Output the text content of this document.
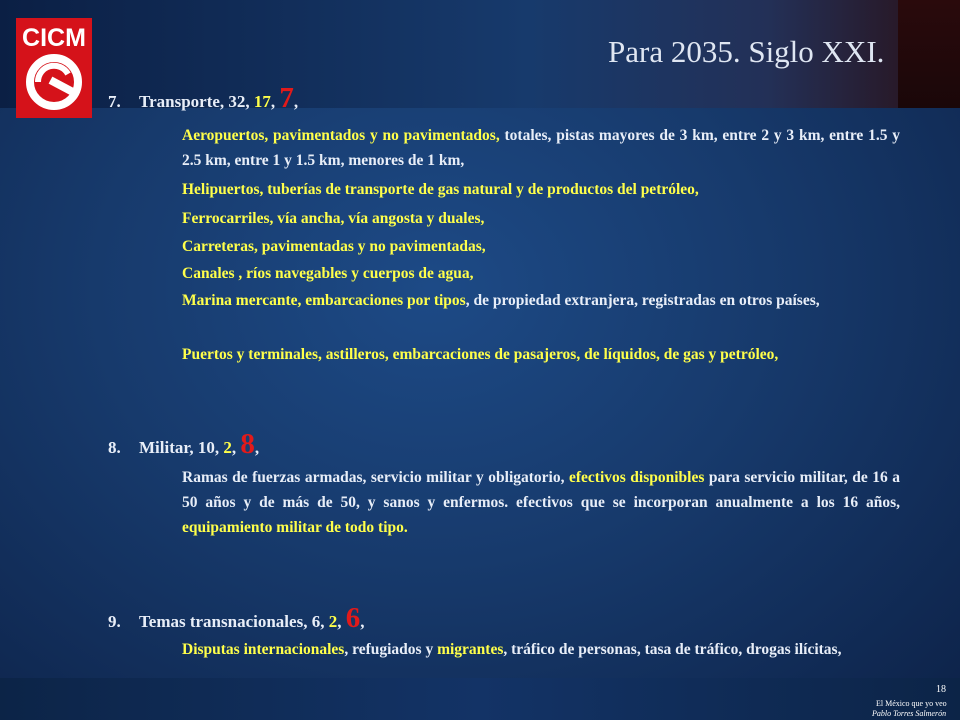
CICM	Para 2035. Siglo XXI.
7. Transporte, 32, 17, 7,
Aeropuertos, pavimentados y no pavimentados, totales, pistas mayores de 3 km, entre 2 y 3 km, entre 1.5 y 2.5 km, entre 1 y 1.5 km, menores de 1 km,
Helipuertos, tuberías de transporte de gas natural y de productos del petróleo,
Ferrocarriles, vía ancha, vía angosta y duales,
Carreteras, pavimentadas y no pavimentadas,
Canales , ríos navegables y cuerpos de agua,
Marina mercante, embarcaciones por tipos, de propiedad extranjera, registradas en otros países,
Puertos y terminales, astilleros, embarcaciones de pasajeros, de líquidos, de gas y petróleo,
8. Militar, 10, 2, 8,
Ramas de fuerzas armadas, servicio militar y obligatorio, efectivos disponibles para servicio militar, de 16 a 50 años y de más de 50, y sanos y enfermos. efectivos que se incorporan anualmente a los 16 años, equipamiento militar de todo tipo.
9. Temas transnacionales, 6, 2, 6,
Disputas internacionales, refugiados y migrantes, tráfico de personas, tasa de tráfico, drogas ilícitas,
18
El México que yo veo
Pablo Torres Salmerón
